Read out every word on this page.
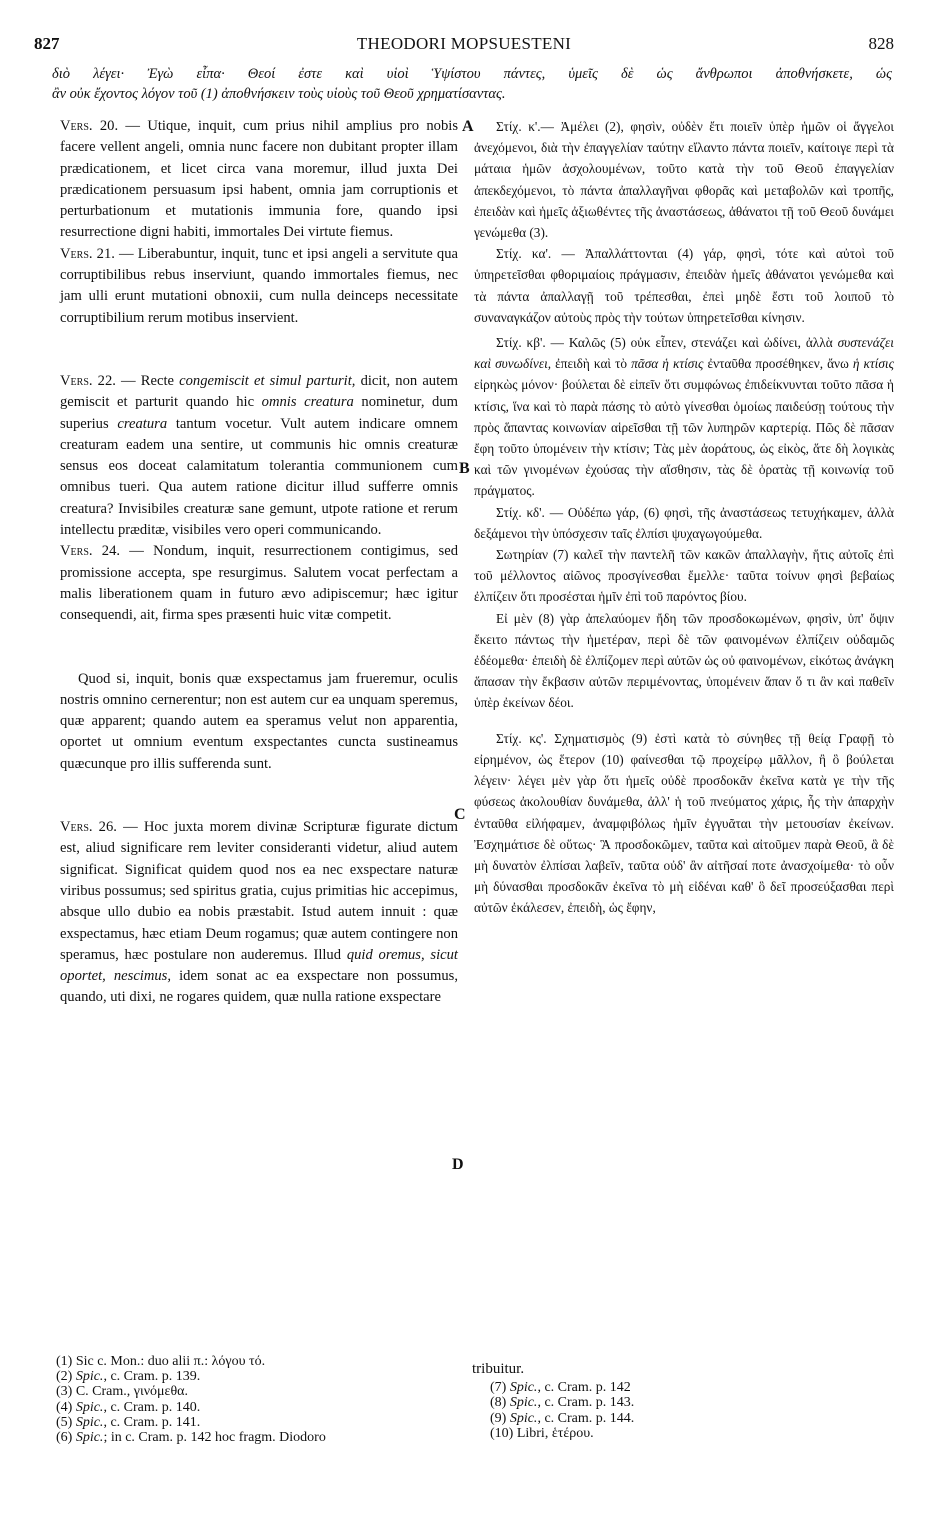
827	THEODORI MOPSUESTENI	828
διὸ λέγει· Ἐγὼ εἶπα· Θεοί ἐστε καὶ υἱοὶ Ὑψίστου πάντες, ὑμεῖς δὲ ὡς ἄνθρωποι ἀποθνήσκετε, ὡς
ἂν οὐκ ἔχοντος λόγον τοῦ (1) ἀποθνήσκειν τοὺς υἱοὺς τοῦ Θεοῦ χρηματίσαντας.
A
B
C
D

Vers. 20. — Utique, inquit, cum prius nihil amplius pro nobis facere vellent angeli, omnia nunc facere non dubitant propter illam prædicationem, et licet circa vana moremur, illud juxta Dei prædicationem persuasum ipsi habent, omnia jam corruptionis et perturbationum et mutationis immunia fore, quando ipsi resurrectione digni habiti, immortales Dei virtute fiemus.

Vers. 21. — Liberabuntur, inquit, tunc et ipsi angeli a servitute qua corruptibilibus rebus inserviunt, quando immortales fiemus, nec jam ulli erunt mutationi obnoxii, cum nulla deinceps necessitate corruptibilium rerum motibus inservient.

Vers. 22. — Recte congemiscit et simul parturit, dicit, non autem gemiscit et parturit quando hic omnis creatura nominetur, dum superius creatura tantum vocetur. Vult autem indicare omnem creaturam eadem una sentire, ut communis hic omnis creaturæ sensus eos doceat calamitatum tolerantia communionem cum omnibus tueri. Qua autem ratione dicitur illud sufferre omnis creatura? Invisibiles creaturæ sane gemunt, utpote ratione et rerum intellectu præditæ, visibiles vero operi communicando.

Vers. 24. — Nondum, inquit, resurrectionem contigimus, sed promissione accepta, spe resurgimus. Salutem vocat perfectam a malis liberationem quam in futuro ævo adipiscemur; hæc igitur consequendi, ait, firma spes præsenti huic vitæ competit.

Quod si, inquit, bonis quæ exspectamus jam frueremur, oculis nostris omnino cernerentur; non est autem cur ea unquam speremus, quæ apparent; quando autem ea speramus velut non apparentia, oportet ut omnium eventum exspectantes cuncta sustineamus quæcunque pro illis sufferenda sunt.

Vers. 26. — Hoc juxta morem divinæ Scripturæ figurate dictum est, aliud significare rem leviter consideranti videtur, aliud autem significat. Significat quidem quod nos ea nec exspectare naturæ viribus possumus; sed spiritus gratia, cujus primitias hic accepimus, absque ullo dubio ea nobis præstabit. Istud autem innuit : quæ exspectamus, hæc etiam Deum rogamus; quæ autem contingere non speramus, hæc postulare non auderemus. Illud quid oremus, sicut oportet, nescimus, idem sonat ac ea exspectare non possumus, quando, uti dixi, ne rogares quidem, quæ nulla ratione exspectare

Στίχ. κ'.— Ἀμέλει (2), φησὶν, οὐδὲν ἔτι ποιεῖν ὑπὲρ ἡμῶν οἱ ἄγγελοι ἀνεχόμενοι, διὰ τὴν ἐπαγγελίαν ταύτην εἴλαντο πάντα ποιεῖν, καίτοιγε περὶ τὰ μάταια ἡμῶν ἀσχολουμένων, τοῦτο κατὰ τὴν τοῦ Θεοῦ ἐπαγγελίαν ἀπεκδεχόμενοι, τὸ πάντα ἀπαλλαγῆναι φθορᾶς καὶ μεταβολῶν καὶ τροπῆς, ἐπειδὰν καὶ ἡμεῖς ἀξιωθέντες τῆς ἀναστάσεως, ἀθάνατοι τῇ τοῦ Θεοῦ δυνάμει γενώμεθα (3).

Στίχ. κα'. — Ἀπαλλάττονται (4) γάρ, φησὶ, τότε καὶ αὐτοὶ τοῦ ὑπηρετεῖσθαι φθοριμαίοις πράγμασιν, ἐπειδὰν ἡμεῖς ἀθάνατοι γενώμεθα καὶ τὰ πάντα ἀπαλλαγῇ τοῦ τρέπεσθαι, ἐπεὶ μηδὲ ἔστι τοῦ λοιποῦ τὸ συναναγκάζον αὐτοὺς πρὸς τὴν τούτων ὑπηρετεῖσθαι κίνησιν.

Στίχ. κβ'. — Καλῶς (5) οὐκ εἶπεν, στενάζει καὶ ὠδίνει, ἀλλὰ συστενάζει καὶ συνωδίνει, ἐπειδὴ καὶ τὸ πᾶσα ἡ κτίσις ἐνταῦθα προσέθηκεν, ἄνω ἡ κτίσις εἰρηκὼς μόνον· βούλεται δὲ εἰπεῖν ὅτι συμφώνως ἐπιδείκνυνται τοῦτο πᾶσα ἡ κτίσις, ἵνα καὶ τὸ παρὰ πάσης τὸ αὐτὸ γίνεσθαι ὁμοίως παιδεύσῃ τούτους τὴν πρὸς ἅπαντας κοινωνίαν αἱρεῖσθαι τῇ τῶν λυπηρῶν καρτερίᾳ. Πῶς δὲ πᾶσαν ἔφη τοῦτο ὑπομένειν τὴν κτίσιν; Τὰς μὲν ἀοράτους, ὡς εἰκὸς, ἅτε δὴ λογικὰς καὶ τῶν γινομένων ἐχούσας τὴν αἴσθησιν, τὰς δὲ ὁρατὰς τῇ κοινωνίᾳ τοῦ πράγματος.

Στίχ. κδ'. — Οὐδέπω γάρ, (6) φησὶ, τῆς ἀναστάσεως τετυχήκαμεν, ἀλλὰ δεξάμενοι τὴν ὑπόσχεσιν ταῖς ἐλπίσι ψυχαγωγούμεθα.

Σωτηρίαν (7) καλεῖ τὴν παντελῆ τῶν κακῶν ἀπαλλαγὴν, ἥτις αὐτοῖς ἐπὶ τοῦ μέλλοντος αἰῶνος προσγίνεσθαι ἔμελλε· ταῦτα τοίνυν φησὶ βεβαίως ἐλπίζειν ὅτι προσέσται ἡμῖν ἐπὶ τοῦ παρόντος βίου.

Εἰ μὲν (8) γὰρ ἀπελαύομεν ἤδη τῶν προσδοκωμένων, φησὶν, ὑπ' ὄψιν ἔκειτο πάντως τὴν ἡμετέραν, περὶ δὲ τῶν φαινομένων ἐλπίζειν οὐδαμῶς ἐδέομεθα· ἐπειδὴ δὲ ἐλπίζομεν περὶ αὐτῶν ὡς οὐ φαινομένων, εἰκότως ἀνάγκη ἅπασαν τὴν ἔκβασιν αὐτῶν περιμένοντας, ὑπομένειν ἅπαν ὅ τι ἂν καὶ παθεῖν ὑπὲρ ἐκείνων δέοι.

Στίχ. κς'. Σχηματισμὸς (9) ἐστὶ κατὰ τὸ σύνηθες τῇ θείᾳ Γραφῇ τὸ εἰρημένον, ὡς ἕτερον (10) φαίνεσθαι τῷ προχείρῳ μᾶλλον, ἢ ὃ βούλεται λέγειν· λέγει μὲν γὰρ ὅτι ἡμεῖς οὐδὲ προσδοκᾶν ἐκεῖνα κατὰ γε τὴν τῆς φύσεως ἀκολουθίαν δυνάμεθα, ἀλλ' ἡ τοῦ πνεύματος χάρις, ἧς τὴν ἀπαρχὴν ἐνταῦθα εἰλήφαμεν, ἀναμφιβόλως ἡμῖν ἐγγυᾶται τὴν μετουσίαν ἐκείνων. Ἐσχημάτισε δὲ οὕτως· Ἃ προσδοκῶμεν, ταῦτα καὶ αἰτοῦμεν παρὰ Θεοῦ, ἃ δὲ μὴ δυνατὸν ἐλπίσαι λαβεῖν, ταῦτα οὐδ' ἂν αἰτῆσαί ποτε ἀνασχοίμεθα· τὸ οὖν μὴ δύνασθαι προσδοκᾶν ἐκεῖνα τὸ μὴ εἰδέναι καθ' ὃ δεῖ προσεύξασθαι περὶ αὐτῶν ἐκάλεσεν, ἐπειδὴ, ὡς ἔφην,

(1) Sic c. Mon.: duo alii π.: λόγου τό.
(2) Spic., c. Cram. p. 139.
(3) C. Cram., γινόμεθα.
(4) Spic., c. Cram. p. 140.
(5) Spic., c. Cram. p. 141.
(6) Spic.; in c. Cram. p. 142 hoc fragm. Diodoro
tribuitur.
(7) Spic., c. Cram. p. 142
(8) Spic., c. Cram. p. 143.
(9) Spic., c. Cram. p. 144.
(10) Libri, ἑτέρου.
